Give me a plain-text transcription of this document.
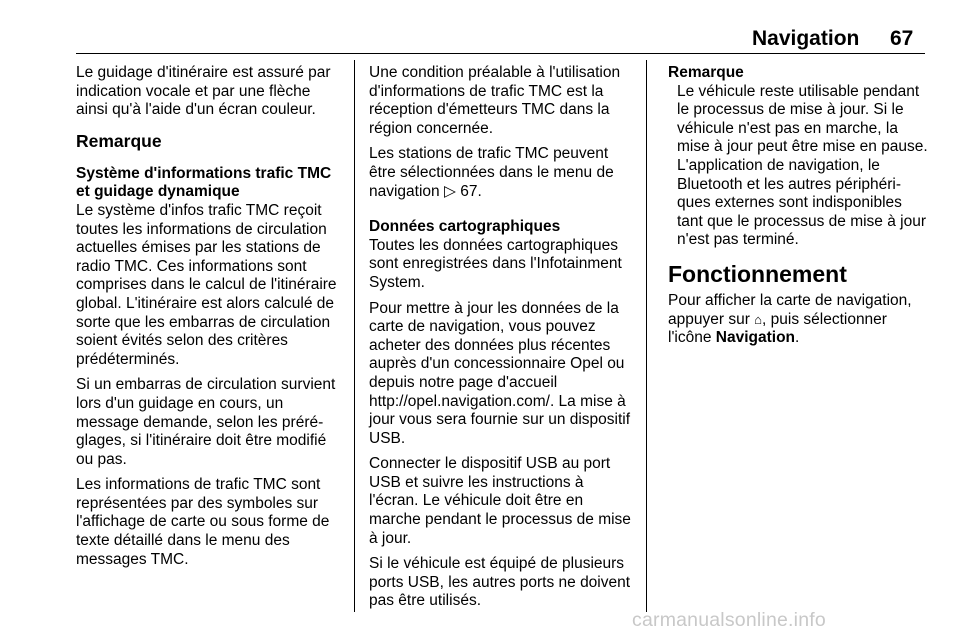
Navigation 67

Le guidage d'itinéraire est assuré par indication vocale et par une flèche ainsi qu'à l'aide d'un écran couleur.

Remarque

Système d'informations trafic TMC et guidage dynamique

Le système d'infos trafic TMC reçoit toutes les informations de circulation actuelles émises par les stations de radio TMC. Ces informations sont comprises dans le calcul de l'itinéraire global. L'itinéraire est alors calculé de sorte que les embarras de circulation soient évités selon des critères prédéterminés.

Si un embarras de circulation survient lors d'un guidage en cours, un message demande, selon les préréglages, si l'itinéraire doit être modifié ou pas.

Les informations de trafic TMC sont représentées par des symboles sur l'affichage de carte ou sous forme de texte détaillé dans le menu des messages TMC.

Une condition préalable à l'utilisation d'informations de trafic TMC est la réception d'émetteurs TMC dans la région concernée.

Les stations de trafic TMC peuvent être sélectionnées dans le menu de navigation ▷ 67.

Données cartographiques

Toutes les données cartographiques sont enregistrées dans l'Infotainment System.

Pour mettre à jour les données de la carte de navigation, vous pouvez acheter des données plus récentes auprès d'un concessionnaire Opel ou depuis notre page d'accueil http://opel.navigation.com/. La mise à jour vous sera fournie sur un dispositif USB.

Connecter le dispositif USB au port USB et suivre les instructions à l'écran. Le véhicule doit être en marche pendant le processus de mise à jour.

Si le véhicule est équipé de plusieurs ports USB, les autres ports ne doivent pas être utilisés.

Remarque

Le véhicule reste utilisable pendant le processus de mise à jour. Si le véhicule n'est pas en marche, la mise à jour peut être mise en pause. L'application de navigation, le Bluetooth et les autres périphériques externes sont indisponibles tant que le processus de mise à jour n'est pas terminé.

Fonctionnement

Pour afficher la carte de navigation, appuyer sur ⌂, puis sélectionner l'icône Navigation.

carmanualsonline.info
